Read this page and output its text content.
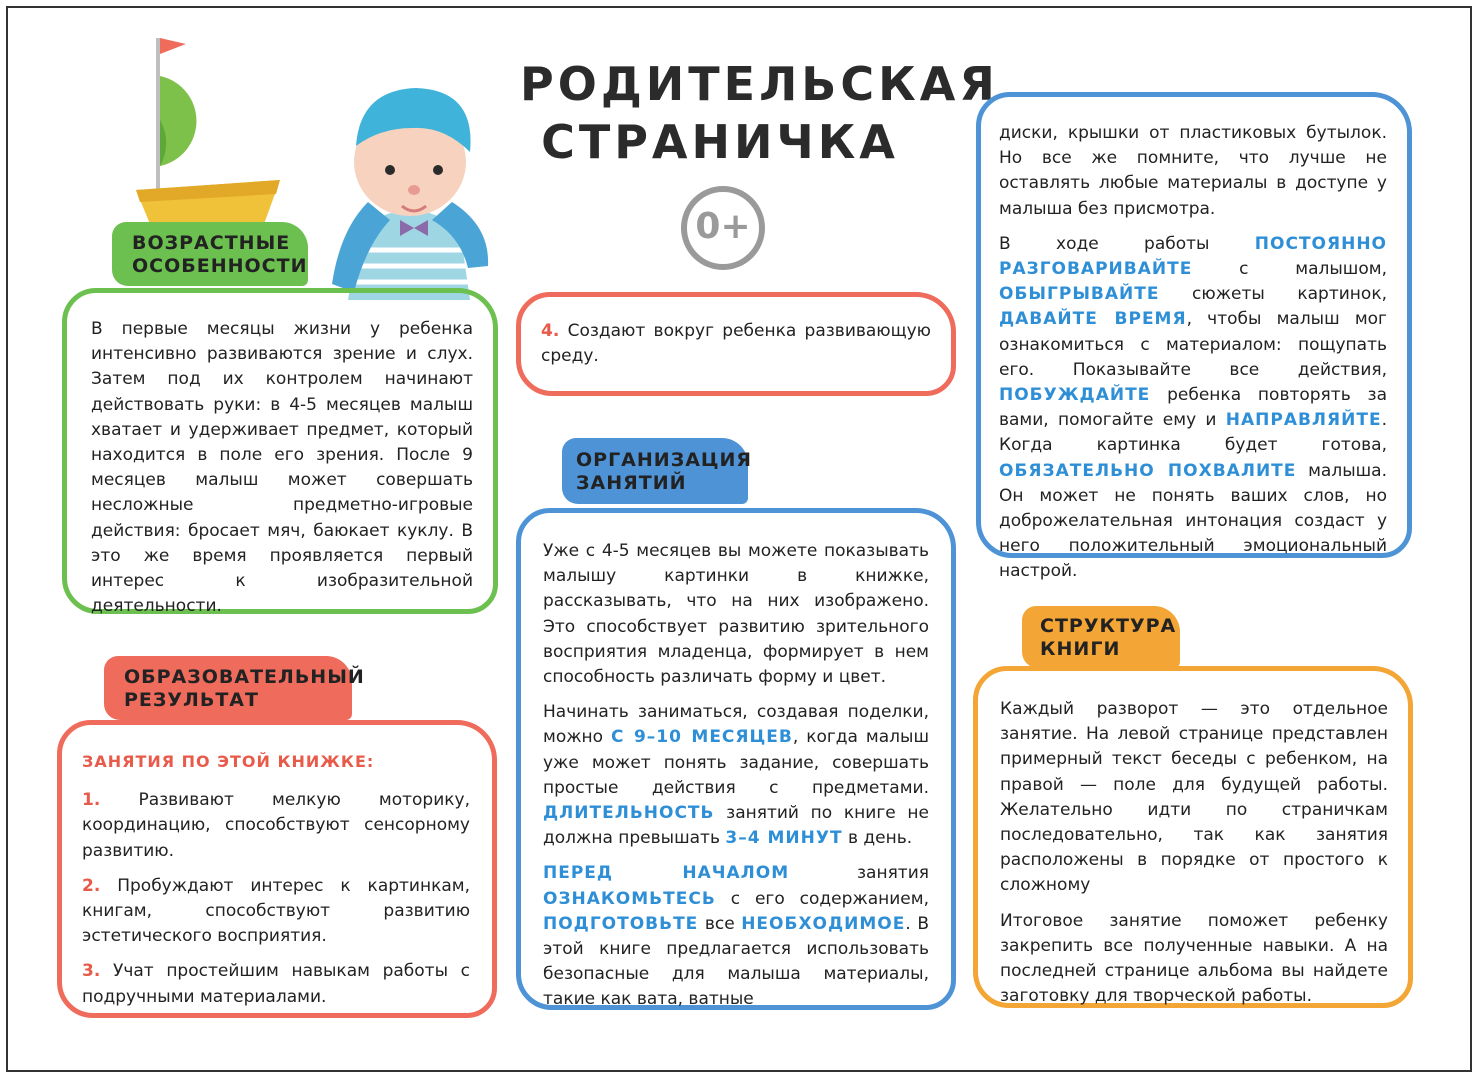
РОДИТЕЛЬСКАЯ
СТРАНИЧКА
0+

В первые месяцы жизни у ребенка интенсивно развиваются зрение и слух. Затем под их контролем начинают действовать руки: в 4-5 месяцев малыш хватает и удерживает предмет, который находится в поле его зрения. После 9 месяцев малыш может совершать несложные предметно-игровые действия: бросает мяч, баюкает куклу. В это же время проявляется первый интерес к изобразительной деятельности.

ВОЗРАСТНЫЕ
ОСОБЕННОСТИ

ЗАНЯТИЯ ПО ЭТОЙ КНИЖКЕ:

1. Развивают мелкую моторику, координацию, способствуют сенсорному развитию.

2. Пробуждают интерес к картинкам, книгам, способствуют развитию эстетического восприятия.

3. Учат простейшим навыкам работы с подручными материалами.

ОБРАЗОВАТЕЛЬНЫЙ
РЕЗУЛЬТАТ

4. Создают вокруг ребенка развивающую среду.

Уже с 4-5 месяцев вы можете показывать малышу картинки в книжке, рассказывать, что на них изображено. Это способствует развитию зрительного восприятия младенца, формирует в нем способность различать форму и цвет.

Начинать заниматься, создавая поделки, можно С 9–10 МЕСЯЦЕВ, когда малыш уже может понять задание, совершать простые действия с предметами. ДЛИТЕЛЬНОСТЬ занятий по книге не должна превышать 3–4 МИНУТ в день.

ПЕРЕД НАЧАЛОМ занятия ОЗНАКОМЬТЕСЬ с его содержанием, ПОДГОТОВЬТЕ все НЕОБХОДИМОЕ. В этой книге предлагается использовать безопасные для малыша материалы, такие как вата, ватные

ОРГАНИЗАЦИЯ
ЗАНЯТИЙ

диски, крышки от пластиковых бутылок. Но все же помните, что лучше не оставлять любые материалы в доступе у малыша без присмотра.

В ходе работы ПОСТОЯННО РАЗГОВАРИВАЙТЕ с малышом, ОБЫГРЫВАЙТЕ сюжеты картинок, ДАВАЙТЕ ВРЕМЯ, чтобы малыш мог ознакомиться с материалом: пощупать его. Показывайте все действия, ПОБУЖДАЙТЕ ребенка повторять за вами, помогайте ему и НАПРАВЛЯЙТЕ. Когда картинка будет готова, ОБЯЗАТЕЛЬНО ПОХВАЛИТЕ малыша. Он может не понять ваших слов, но доброжелательная интонация создаст у него положительный эмоциональный настрой.

Каждый разворот — это отдельное занятие. На левой странице представлен примерный текст беседы с ребенком, на правой — поле для будущей работы. Желательно идти по страничкам последовательно, так как занятия расположены в порядке от простого к сложному

Итоговое занятие поможет ребенку закрепить все полученные навыки. А на последней странице альбома вы найдете заготовку для творческой работы.

СТРУКТУРА
КНИГИ
